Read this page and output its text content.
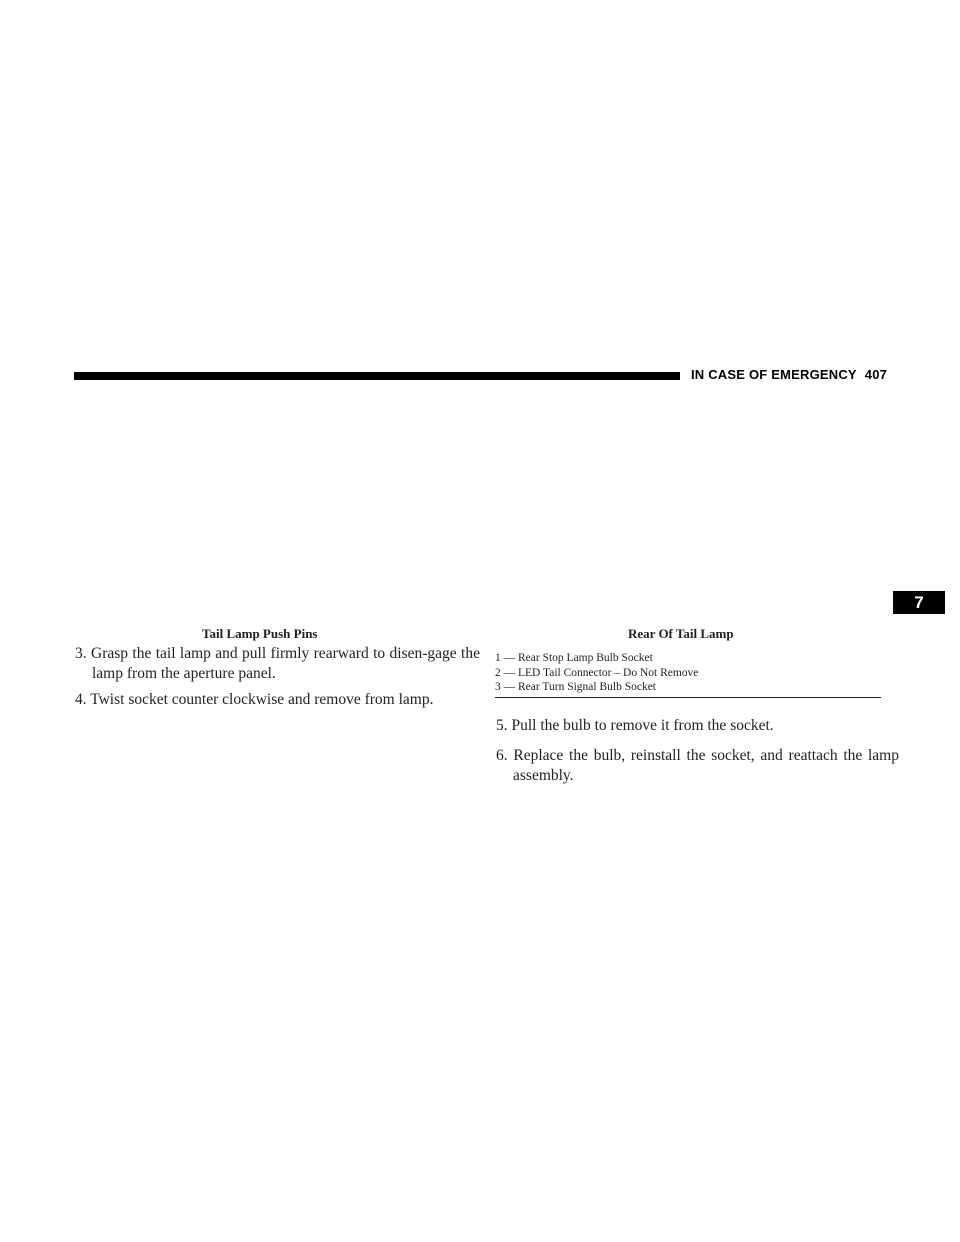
IN CASE OF EMERGENCY 407
7
Tail Lamp Push Pins	Rear Of Tail Lamp
1 — Rear Stop Lamp Bulb Socket
2 — LED Tail Connector – Do Not Remove
3 — Rear Turn Signal Bulb Socket
3. Grasp the tail lamp and pull firmly rearward to disen-gage the lamp from the aperture panel.
4. Twist socket counter clockwise and remove from lamp.
5. Pull the bulb to remove it from the socket.
6. Replace the bulb, reinstall the socket, and reattach the lamp assembly.
